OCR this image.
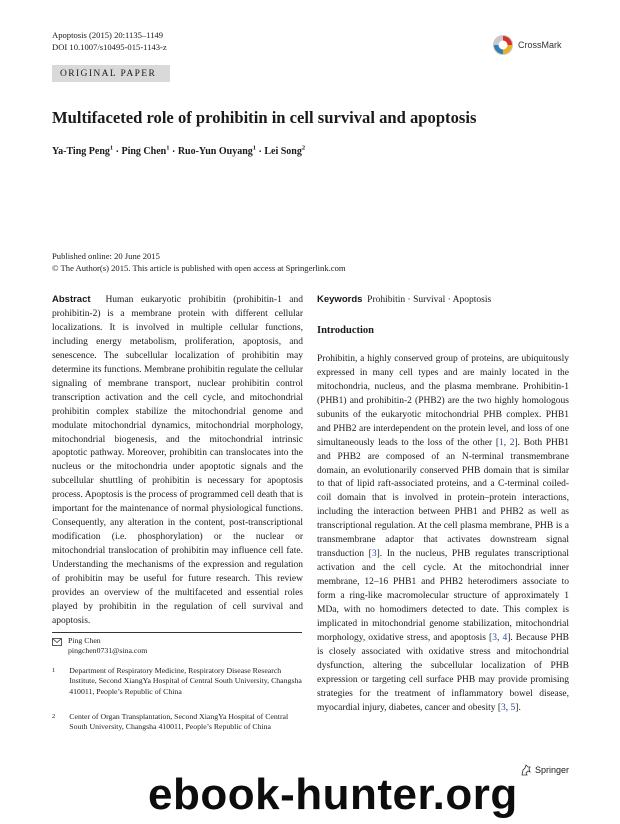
Apoptosis (2015) 20:1135–1149
DOI 10.1007/s10495-015-1143-z	CrossMark
ORIGINAL PAPER
Multifaceted role of prohibitin in cell survival and apoptosis
Ya-Ting Peng$^1$ · Ping Chen$^1$ · Ruo-Yun Ouyang$^1$ · Lei Song$^2$
Published online: 20 June 2015
© The Author(s) 2015. This article is published with open access at Springerlink.com
Abstract Human eukaryotic prohibitin (prohibitin-1 and prohibitin-2) is a membrane protein with different cellular localizations. It is involved in multiple cellular functions, including energy metabolism, proliferation, apoptosis, and senescence. The subcellular localization of prohibitin may determine its functions. Membrane prohibitin regulate the cellular signaling of membrane transport, nuclear prohibitin control transcription activation and the cell cycle, and mitochondrial prohibitin complex stabilize the mitochondrial genome and modulate mitochondrial dynamics, mitochondrial morphology, mitochondrial biogenesis, and the mitochondrial intrinsic apoptotic pathway. Moreover, prohibitin can translocates into the nucleus or the mitochondria under apoptotic signals and the subcellular shuttling of prohibitin is necessary for apoptosis process. Apoptosis is the process of programmed cell death that is important for the maintenance of normal physiological functions. Consequently, any alteration in the content, post-transcriptional modification (i.e. phosphorylation) or the nuclear or mitochondrial translocation of prohibitin may influence cell fate. Understanding the mechanisms of the expression and regulation of prohibitin may be useful for future research. This review provides an overview of the multifaceted and essential roles played by prohibitin in the regulation of cell survival and apoptosis.
Keywords Prohibitin · Survival · Apoptosis
Introduction
Prohibitin, a highly conserved group of proteins, are ubiquitously expressed in many cell types and are mainly located in the mitochondria, nucleus, and the plasma membrane. Prohibitin-1 (PHB1) and prohibitin-2 (PHB2) are the two highly homologous subunits of the eukaryotic mitochondrial PHB complex. PHB1 and PHB2 are interdependent on the protein level, and loss of one simultaneously leads to the loss of the other [1, 2]. Both PHB1 and PHB2 are composed of an N-terminal transmembrane domain, an evolutionarily conserved PHB domain that is similar to that of lipid raft-associated proteins, and a C-terminal coiled-coil domain that is involved in protein–protein interactions, including the interaction between PHB1 and PHB2 as well as transcriptional regulation. At the cell plasma membrane, PHB is a transmembrane adaptor that activates downstream signal transduction [3]. In the nucleus, PHB regulates transcriptional activation and the cell cycle. At the mitochondrial inner membrane, 12–16 PHB1 and PHB2 heterodimers associate to form a ring-like macromolecular structure of approximately 1 MDa, with no homodimers detected to date. This complex is implicated in mitochondrial genome stabilization, mitochondrial morphology, oxidative stress, and apoptosis [3, 4]. Because PHB is closely associated with oxidative stress and mitochondrial dysfunction, altering the subcellular localization of PHB expression or targeting cell surface PHB may provide promising strategies for the treatment of inflammatory bowel disease, myocardial injury, diabetes, cancer and obesity [3, 5].
Ping Chen
pingchen0731@sina.com
1 Department of Respiratory Medicine, Respiratory Disease Research Institute, Second XiangYa Hospital of Central South University, Changsha 410011, People’s Republic of China
2 Center of Organ Transplantation, Second XiangYa Hospital of Central South University, Changsha 410011, People’s Republic of China
Springer
ebook-hunter.org
